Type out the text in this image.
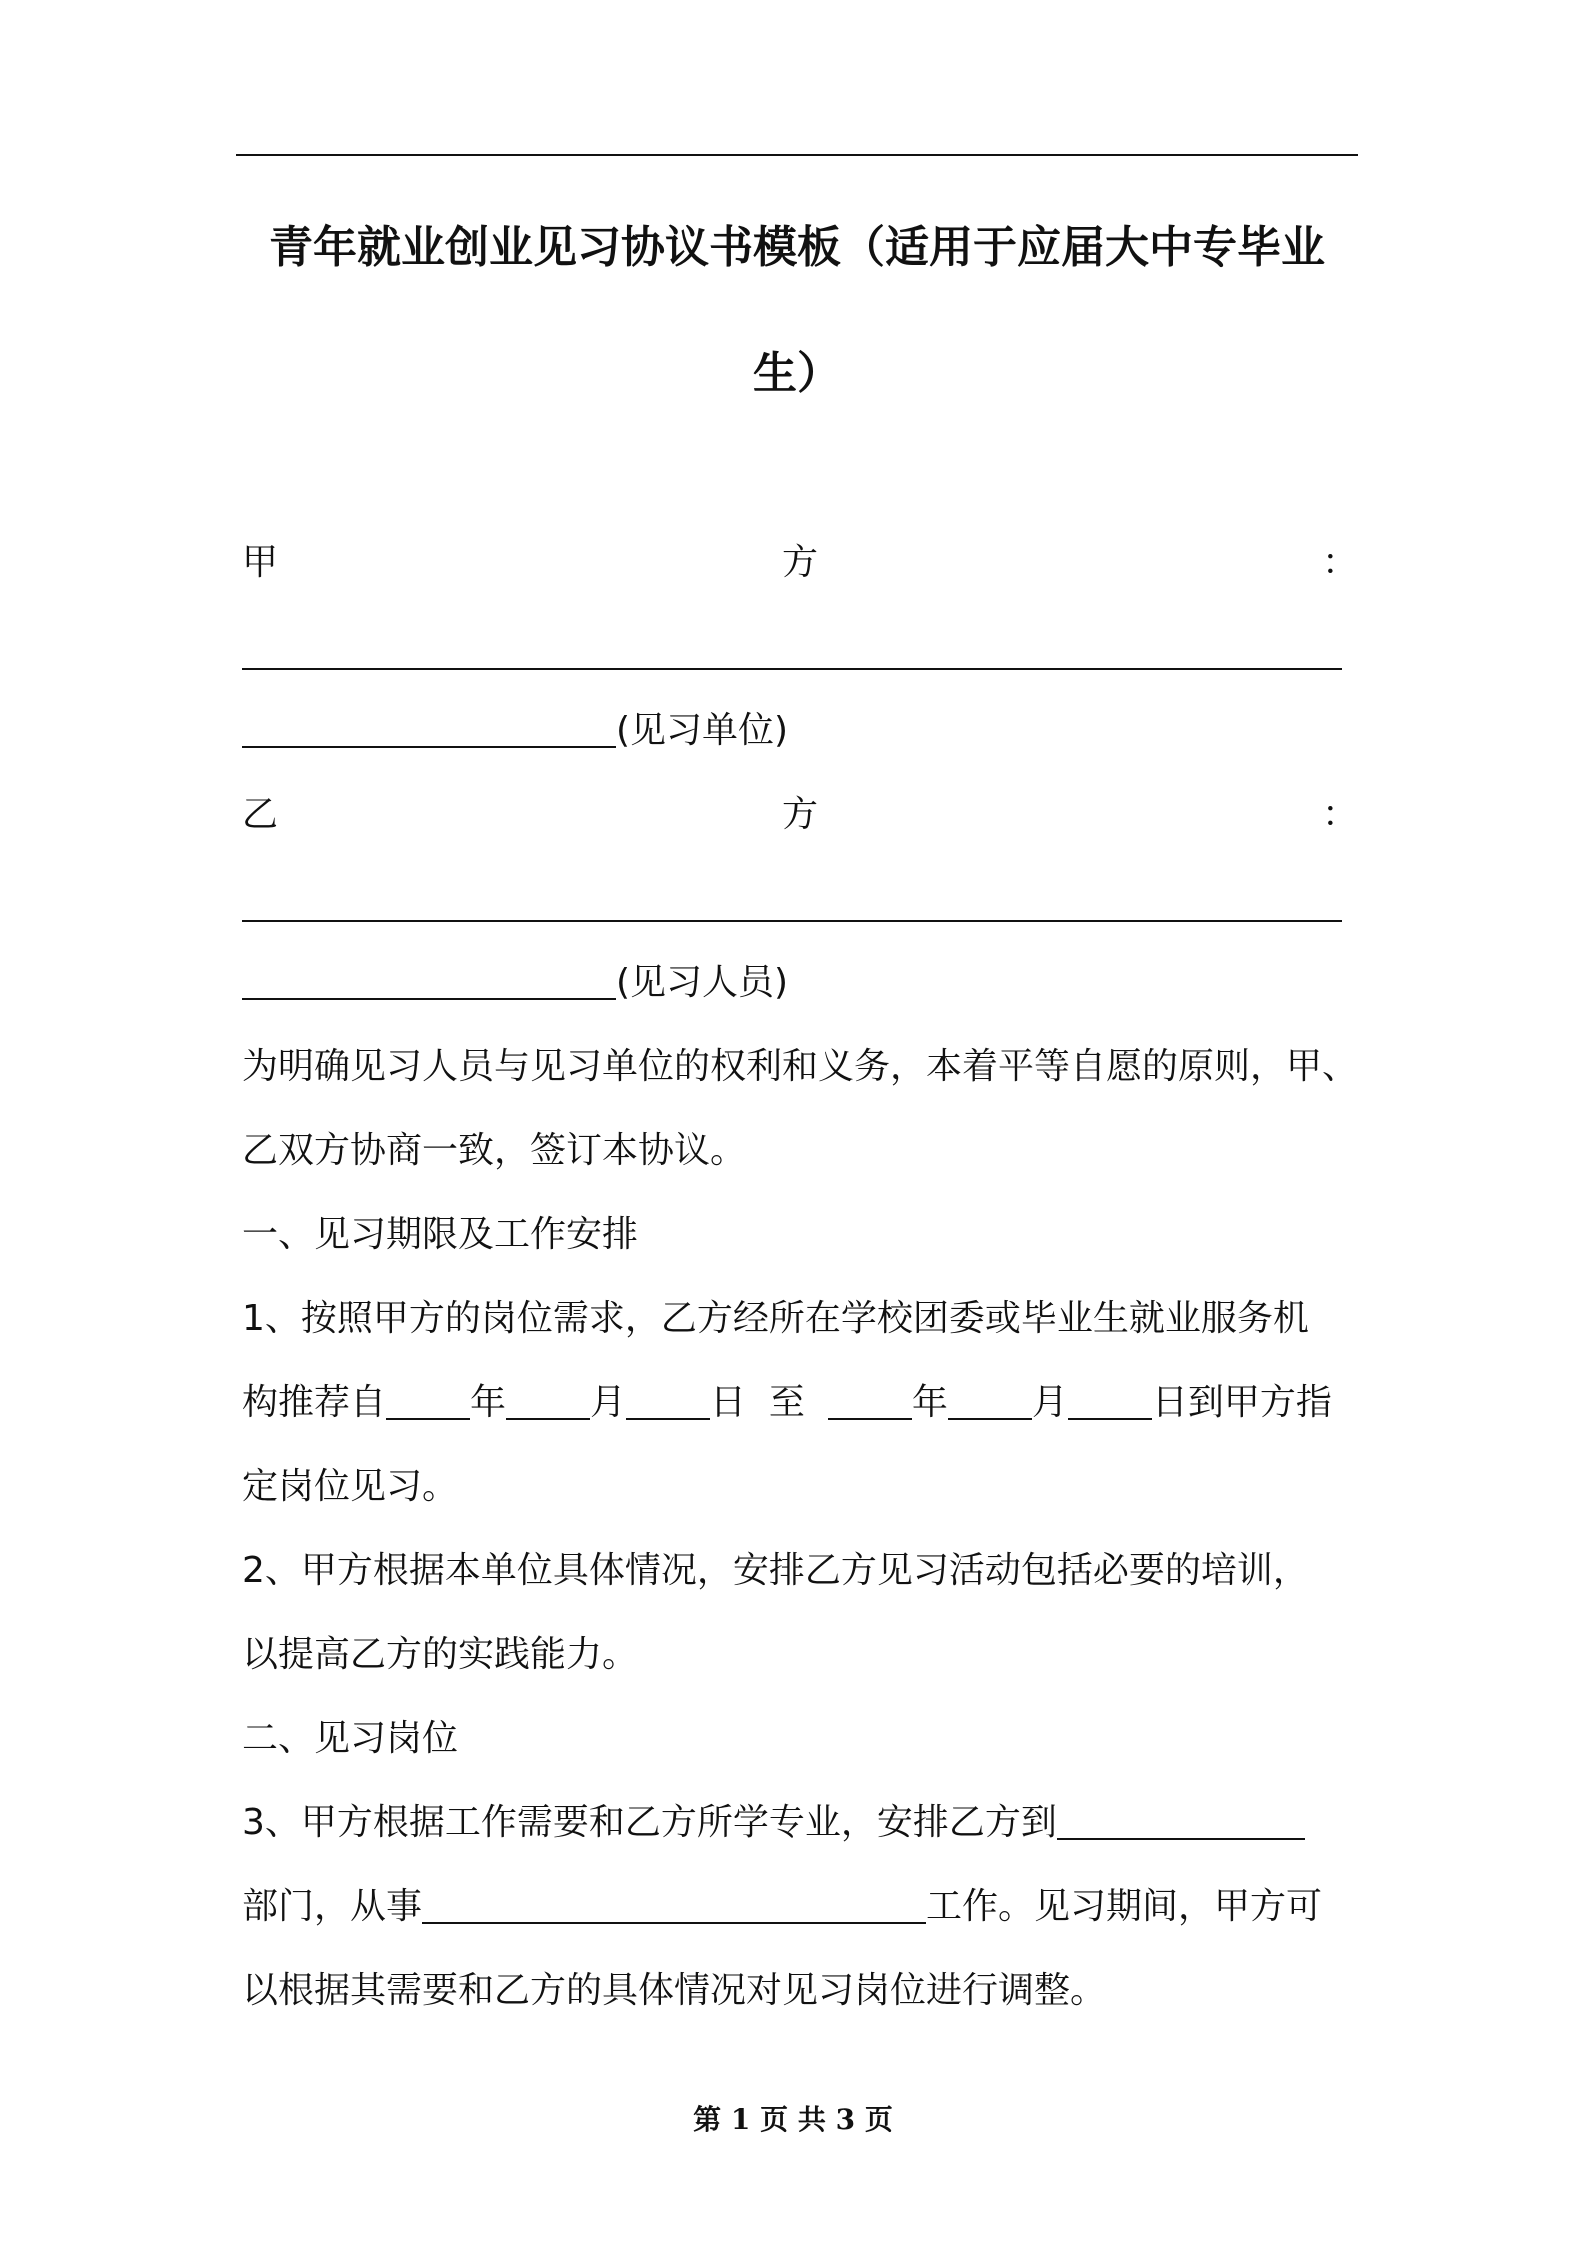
青年就业创业见习协议书模板（适用于应届大中专毕业
生）
甲	方	：
(见习单位)
乙	方	：
(见习人员)
为明确见习人员与见习单位的权利和义务，本着平等自愿的原则，甲、
乙双方协商一致，签订本协议。
一、见习期限及工作安排
1、按照甲方的岗位需求，乙方经所在学校团委或毕业生就业服务机
构推荐自 年 月 日  至  年 月 日到甲方指
定岗位见习。
2、甲方根据本单位具体情况，安排乙方见习活动包括必要的培训，
以提高乙方的实践能力。
二、见习岗位
3、甲方根据工作需要和乙方所学专业，安排乙方到
部门，从事	工作。见习期间，甲方可
以根据其需要和乙方的具体情况对见习岗位进行调整。
第 1 页 共 3 页
